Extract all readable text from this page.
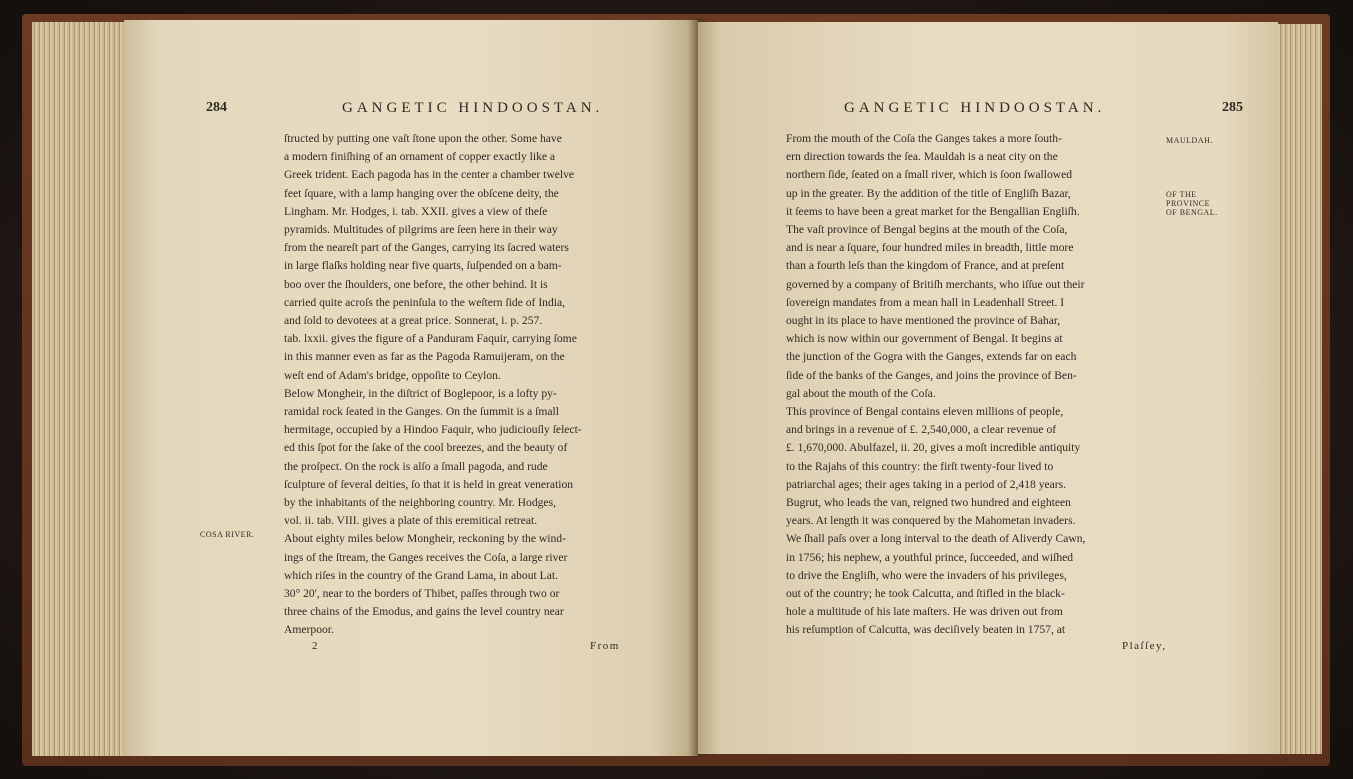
284	GANGETIC HINDOOSTAN.
ſtructed by putting one vaſt ſtone upon the other. Some have
a modern finiſhing of an ornament of copper exactly like a
Greek trident. Each pagoda has in the center a chamber twelve
feet ſquare, with a lamp hanging over the obſcene deity, the
Lingham. Mr. Hodges, i. tab. XXII. gives a view of theſe
pyramids. Multitudes of pilgrims are ſeen here in their way
from the neareſt part of the Ganges, carrying its ſacred waters
in large flaſks holding near five quarts, ſuſpended on a bam-
boo over the ſhoulders, one before, the other behind. It is
carried quite acroſs the peninſula to the weſtern ſide of India,
and ſold to devotees at a great price. Sonnerat, i. p. 257.
tab. lxxii. gives the figure of a Panduram Faquir, carrying ſome
in this manner even as far as the Pagoda Ramuijeram, on the
weſt end of Adam's bridge, oppoſite to Ceylon.
Below Mongheir, in the diſtrict of Boglepoor, is a lofty py-
ramidal rock ſeated in the Ganges. On the ſummit is a ſmall
hermitage, occupied by a Hindoo Faquir, who judiciouſly ſelect-
ed this ſpot for the ſake of the cool breezes, and the beauty of
the proſpect. On the rock is alſo a ſmall pagoda, and rude
ſculpture of ſeveral deities, ſo that it is held in great veneration
by the inhabitants of the neighboring country. Mr. Hodges,
vol. ii. tab. VIII. gives a plate of this eremitical retreat.
About eighty miles below Mongheir, reckoning by the wind-
ings of the ſtream, the Ganges receives the Coſa, a large river
which riſes in the country of the Grand Lama, in about Lat.
30° 20', near to the borders of Thibet, paſſes through two or
three chains of the Emodus, and gains the level country near
Amerpoor.
COSA RIVER.
2	From
GANGETIC HINDOOSTAN.	285
From the mouth of the Coſa the Ganges takes a more ſouth-
ern direction towards the ſea. Mauldah is a neat city on the
northern ſide, ſeated on a ſmall river, which is ſoon ſwallowed
up in the greater. By the addition of the title of Engliſh Bazar,
it ſeems to have been a great market for the Bengallian Engliſh.
The vaſt province of Bengal begins at the mouth of the Coſa,
and is near a ſquare, four hundred miles in breadth, little more
than a fourth leſs than the kingdom of France, and at preſent
governed by a company of Britiſh merchants, who iſſue out their
ſovereign mandates from a mean hall in Leadenhall Street. I
ought in its place to have mentioned the province of Bahar,
which is now within our government of Bengal. It begins at
the junction of the Gogra with the Ganges, extends far on each
ſide of the banks of the Ganges, and joins the province of Ben-
gal about the mouth of the Coſa.
This province of Bengal contains eleven millions of people,
and brings in a revenue of £. 2,540,000, a clear revenue of
£. 1,670,000. Abulfazel, ii. 20, gives a moſt incredible antiquity
to the Rajahs of this country: the firſt twenty-four lived to
patriarchal ages; their ages taking in a period of 2,418 years.
Bugrut, who leads the van, reigned two hundred and eighteen
years. At length it was conquered by the Mahometan invaders.
We ſhall paſs over a long interval to the death of Aliverdy Cawn,
in 1756; his nephew, a youthful prince, ſucceeded, and wiſhed
to drive the Engliſh, who were the invaders of his privileges,
out of the country; he took Calcutta, and ſtifled in the black-
hole a multitude of his late maſters. He was driven out from
his reſumption of Calcutta, was deciſively beaten in 1757, at
MAULDAH.
OF THE PROVINCE OF BENGAL.
Plaſſey,
